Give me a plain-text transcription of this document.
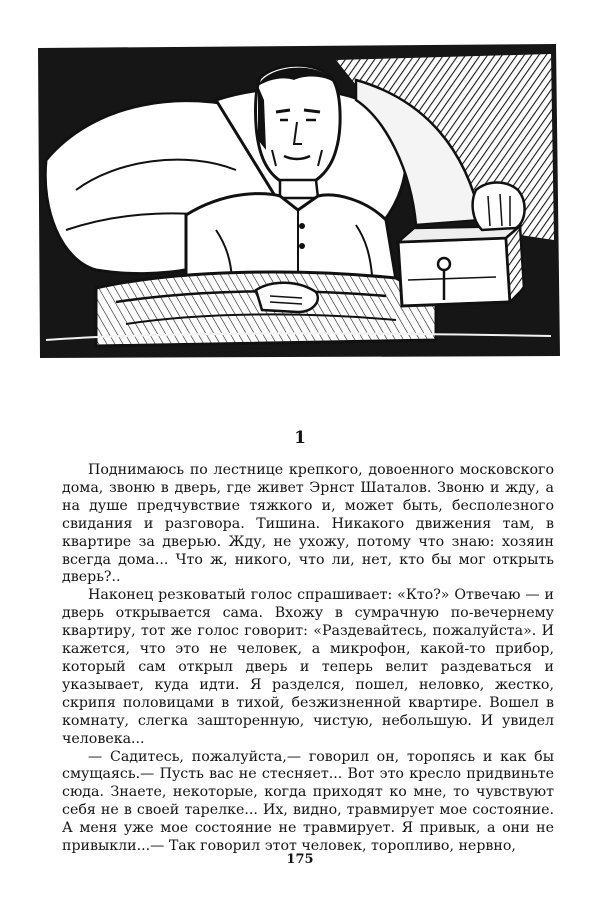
1

Поднимаюсь по лестнице крепкого, довоенного московского дома, звоню в дверь, где живет Эрнст Шаталов. Звоню и жду, а на душе предчувствие тяжкого и, может быть, бесполезного свидания и разговора. Тишина. Никакого движения там, в квартире за дверью. Жду, не ухожу, потому что знаю: хозяин всегда дома... Что ж, никого, что ли, нет, кто бы мог открыть дверь?..

Наконец резковатый голос спрашивает: «Кто?» Отвечаю — и дверь открывается сама. Вхожу в сумрачную по-вечернему квартиру, тот же голос говорит: «Раздевайтесь, пожалуйста». И кажется, что это не человек, а микрофон, какой-то прибор, который сам открыл дверь и теперь велит раздеваться и указывает, куда идти. Я разделся, пошел, неловко, жестко, скрипя половицами в тихой, безжизненной квартире. Вошел в комнату, слегка зашторенную, чистую, небольшую. И увидел человека...

— Садитесь, пожалуйста,— говорил он, торопясь и как бы смущаясь.— Пусть вас не стесняет... Вот это кресло придвиньте сюда. Знаете, некоторые, когда приходят ко мне, то чувствуют себя не в своей тарелке... Их, видно, травмирует мое состояние. А меня уже мое состояние не травмирует. Я привык, а они не привыкли...— Так говорил этот человек, торопливо, нервно,

175
